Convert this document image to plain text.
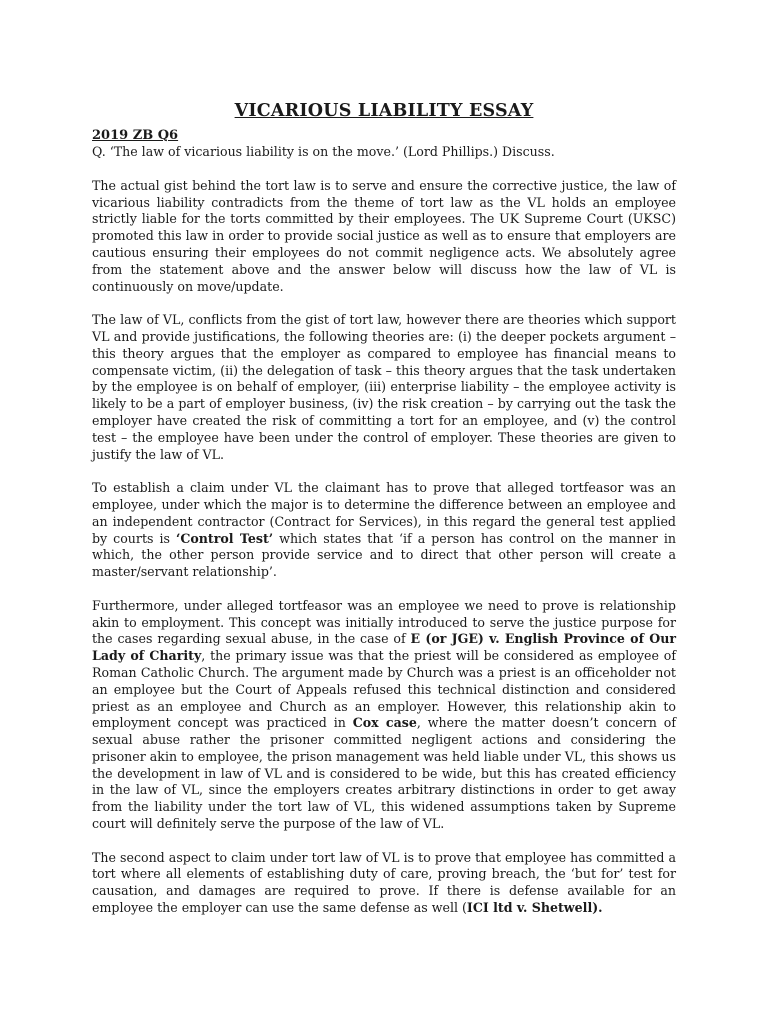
VICARIOUS LIABILITY ESSAY

2019 ZB Q6

Q. ‘The law of vicarious liability is on the move.’ (Lord Phillips.) Discuss.

The actual gist behind the tort law is to serve and ensure the corrective justice, the law of vicarious liability contradicts from the theme of tort law as the VL holds an employee strictly liable for the torts committed by their employees. The UK Supreme Court (UKSC) promoted this law in order to provide social justice as well as to ensure that employers are cautious ensuring their employees do not commit negligence acts. We absolutely agree from the statement above and the answer below will discuss how the law of VL is continuously on move/update.

The law of VL, conflicts from the gist of tort law, however there are theories which support VL and provide justifications, the following theories are: (i) the deeper pockets argument – this theory argues that the employer as compared to employee has financial means to compensate victim, (ii) the delegation of task – this theory argues that the task undertaken by the employee is on behalf of employer, (iii) enterprise liability – the employee activity is likely to be a part of employer business, (iv) the risk creation – by carrying out the task the employer have created the risk of committing a tort for an employee, and (v) the control test – the employee have been under the control of employer. These theories are given to justify the law of VL.

To establish a claim under VL the claimant has to prove that alleged tortfeasor was an employee, under which the major is to determine the difference between an employee and an independent contractor (Contract for Services), in this regard the general test applied by courts is ‘Control Test’ which states that ‘if a person has control on the manner in which, the other person provide service and to direct that other person will create a master/servant relationship’.

Furthermore, under alleged tortfeasor was an employee we need to prove is relationship akin to employment. This concept was initially introduced to serve the justice purpose for the cases regarding sexual abuse, in the case of E (or JGE) v. English Province of Our Lady of Charity, the primary issue was that the priest will be considered as employee of Roman Catholic Church. The argument made by Church was a priest is an officeholder not an employee but the Court of Appeals refused this technical distinction and considered priest as an employee and Church as an employer. However, this relationship akin to employment concept was practiced in Cox case, where the matter doesn’t concern of sexual abuse rather the prisoner committed negligent actions and considering the prisoner akin to employee, the prison management was held liable under VL, this shows us the development in law of VL and is considered to be wide, but this has created efficiency in the law of VL, since the employers creates arbitrary distinctions in order to get away from the liability under the tort law of VL, this widened assumptions taken by Supreme court will definitely serve the purpose of the law of VL.

The second aspect to claim under tort law of VL is to prove that employee has committed a tort where all elements of establishing duty of care, proving breach, the ‘but for’ test for causation, and damages are required to prove. If there is defense available for an employee the employer can use the same defense as well (ICI ltd v. Shetwell).
